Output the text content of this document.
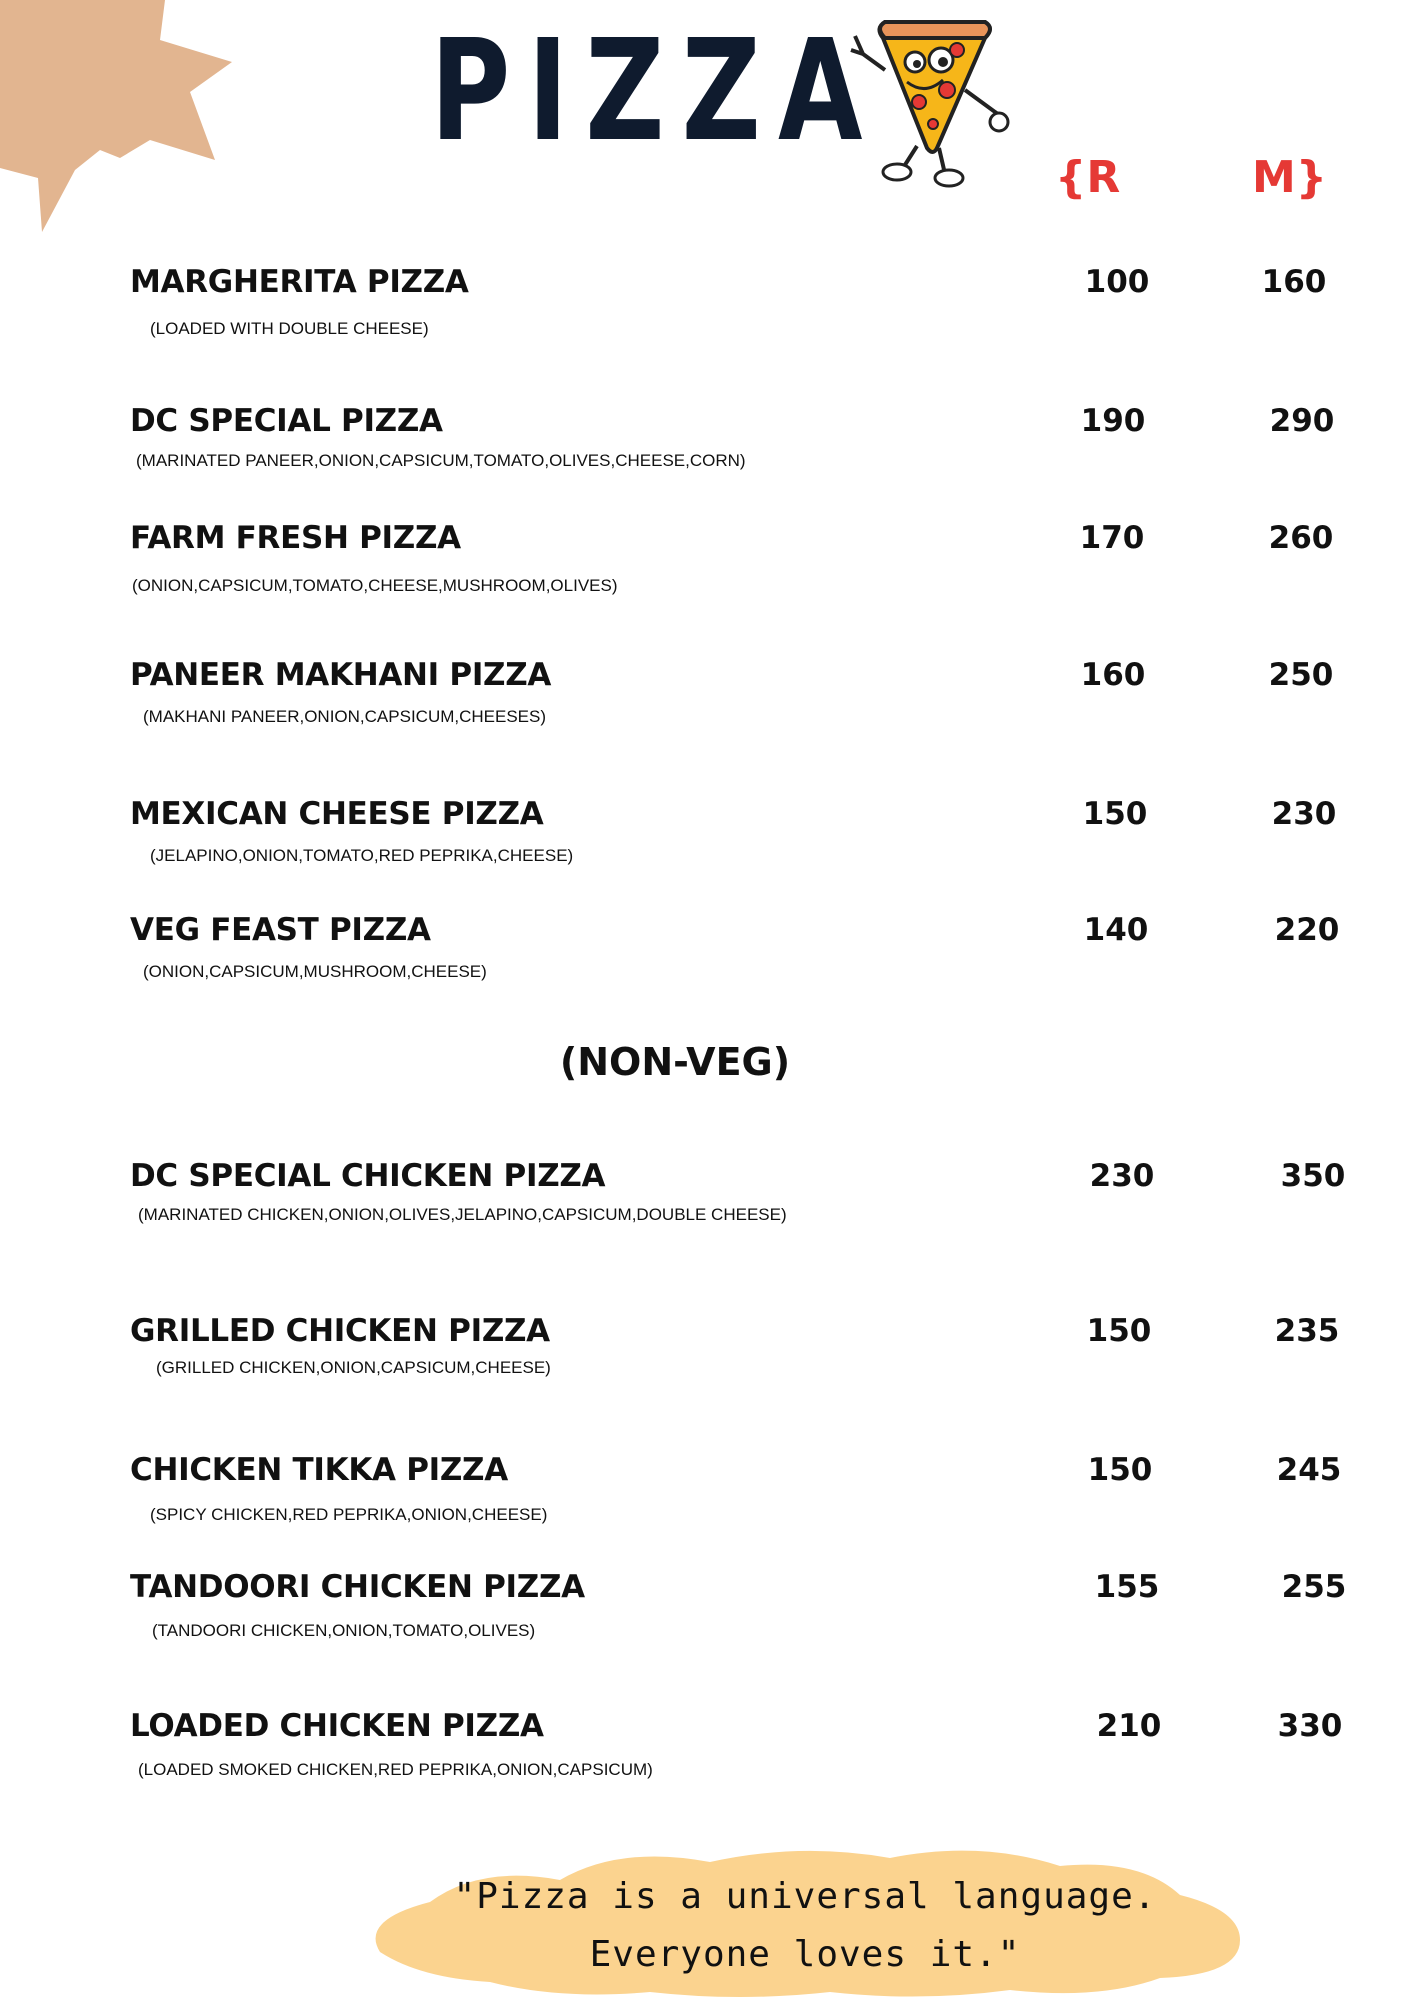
PIZZA
{R	M}
MARGHERITA PIZZA
(LOADED WITH DOUBLE CHEESE)
100	160
DC SPECIAL PIZZA
(MARINATED PANEER,ONION,CAPSICUM,TOMATO,OLIVES,CHEESE,CORN)
190	290
FARM FRESH PIZZA
(ONION,CAPSICUM,TOMATO,CHEESE,MUSHROOM,OLIVES)
170	260
PANEER MAKHANI PIZZA
(MAKHANI PANEER,ONION,CAPSICUM,CHEESES)
160	250
MEXICAN CHEESE PIZZA
(JELAPINO,ONION,TOMATO,RED PEPRIKA,CHEESE)
150	230
VEG FEAST PIZZA
(ONION,CAPSICUM,MUSHROOM,CHEESE)
140	220
(NON-VEG)
DC SPECIAL CHICKEN PIZZA
(MARINATED CHICKEN,ONION,OLIVES,JELAPINO,CAPSICUM,DOUBLE CHEESE)
230	350
GRILLED CHICKEN PIZZA
(GRILLED CHICKEN,ONION,CAPSICUM,CHEESE)
150	235
CHICKEN TIKKA PIZZA
(SPICY CHICKEN,RED PEPRIKA,ONION,CHEESE)
150	245
TANDOORI CHICKEN PIZZA
(TANDOORI CHICKEN,ONION,TOMATO,OLIVES)
155	255
LOADED CHICKEN PIZZA
(LOADED SMOKED CHICKEN,RED PEPRIKA,ONION,CAPSICUM)
210	330
"Pizza is a universal language.
Everyone loves it."
